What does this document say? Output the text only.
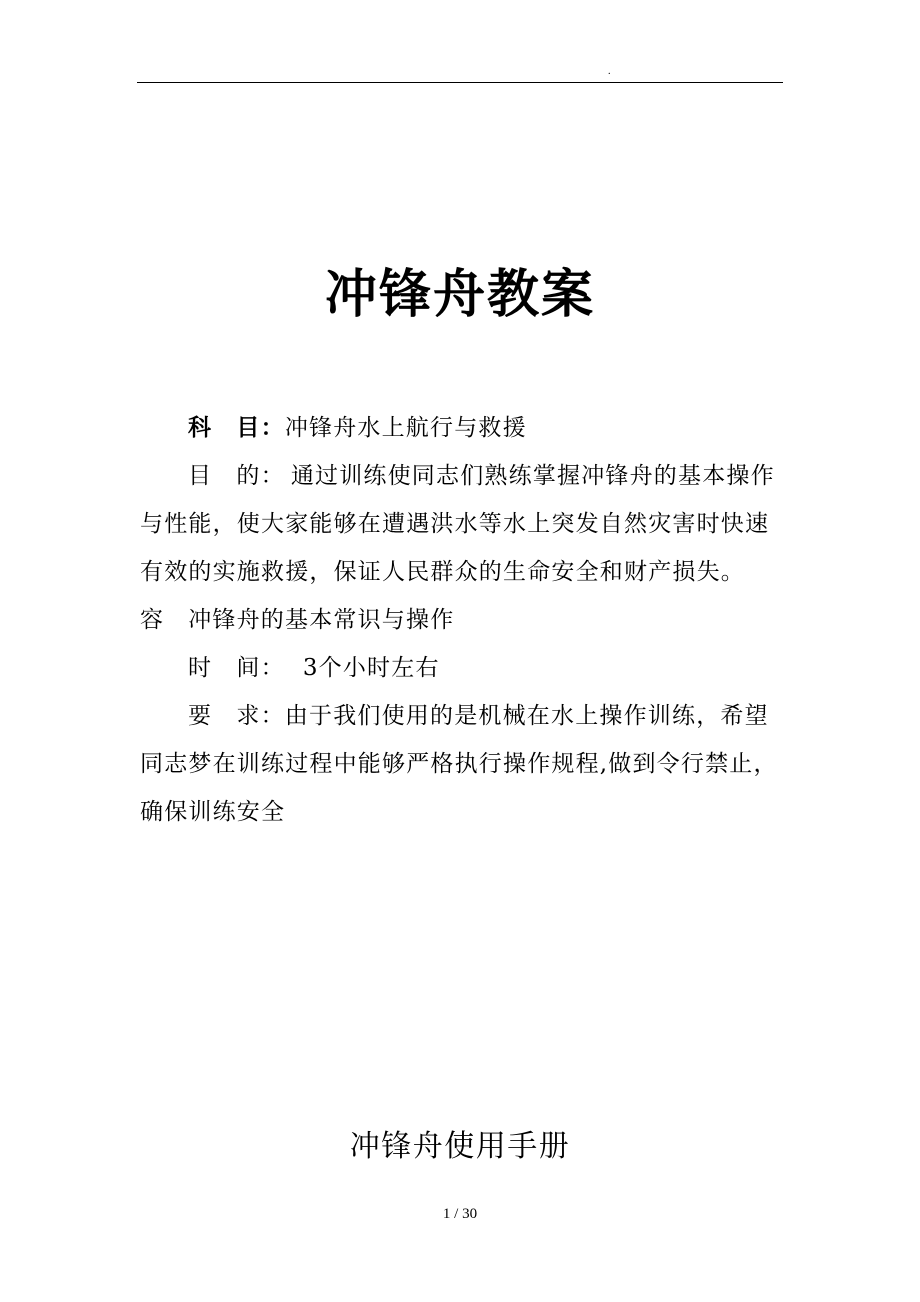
.
冲锋舟教案

科　目：冲锋舟水上航行与救援

目　的： 通过训练使同志们熟练掌握冲锋舟的基本操作与性能，使大家能够在遭遇洪水等水上突发自然灾害时快速有效的实施救援，保证人民群众的生命安全和财产损失。

容 冲锋舟的基本常识与操作

时　间： 3个小时左右

要　求：由于我们使用的是机械在水上操作训练，希望同志梦在训练过程中能够严格执行操作规程,做到令行禁止，确保训练安全

冲锋舟使用手册
1 / 30
